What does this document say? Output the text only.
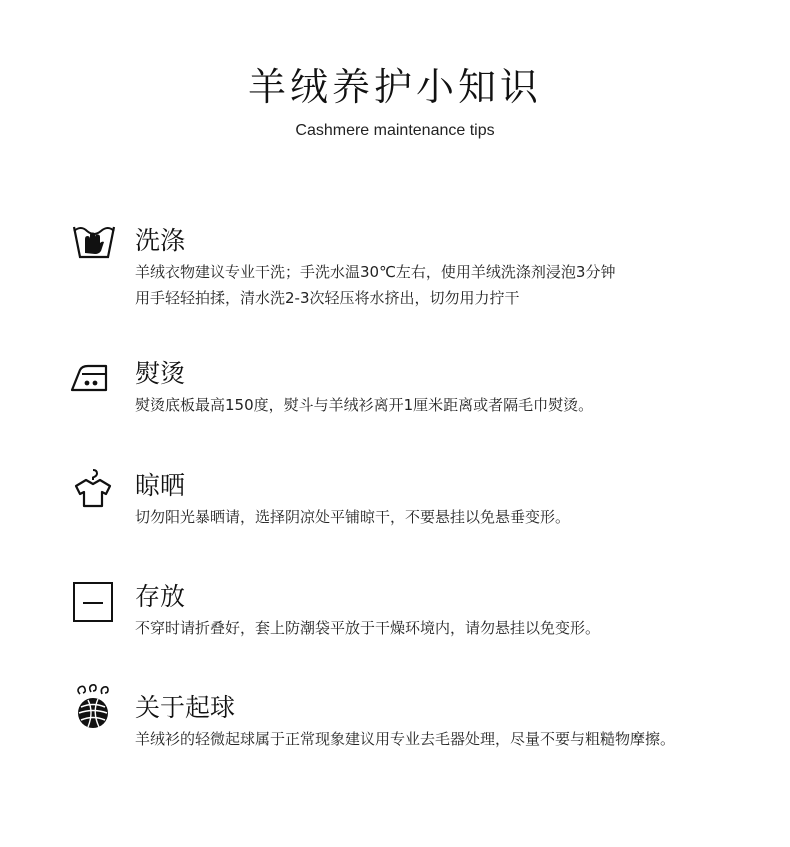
羊绒养护小知识
Cashmere maintenance tips
洗涤
羊绒衣物建议专业干洗；手洗水温30℃左右，使用羊绒洗涤剂浸泡3分钟
用手轻轻拍揉，清水洗2-3次轻压将水挤出，切勿用力拧干
熨烫
熨烫底板最高150度，熨斗与羊绒衫离开1厘米距离或者隔毛巾熨烫。
晾晒
切勿阳光暴晒请，选择阴凉处平铺晾干，不要悬挂以免悬垂变形。
存放
不穿时请折叠好，套上防潮袋平放于干燥环境内，请勿悬挂以免变形。
关于起球
羊绒衫的轻微起球属于正常现象建议用专业去毛器处理，尽量不要与粗糙物摩擦。
